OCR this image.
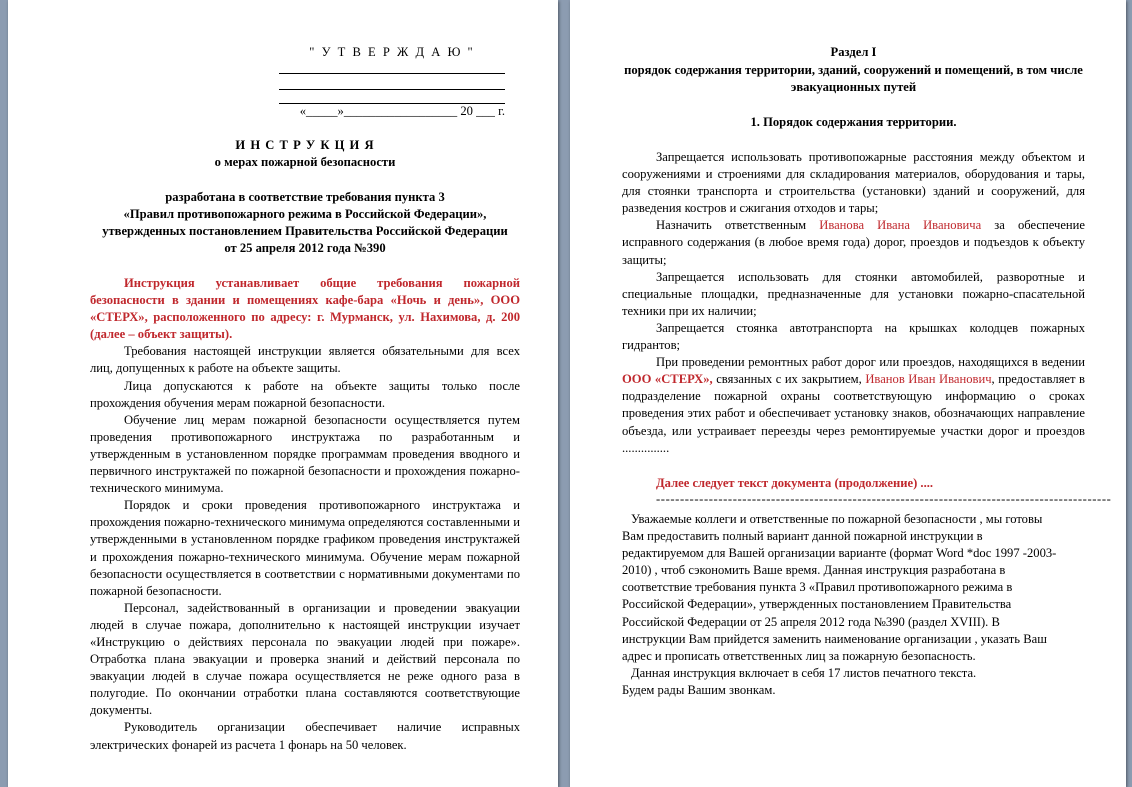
" У Т В Е Р Ж Д А Ю "
«_____»__________________ 20 ___ г.
И Н С Т Р У К Ц И Я
о мерах пожарной безопасности
разработана в соответствие требования пункта 3
«Правил противопожарного режима в Российской Федерации»,
утвержденных постановлением Правительства Российской Федерации
от 25 апреля 2012 года №390

Инструкция устанавливает общие требования пожарной безопасности в здании и помещениях кафе-бара «Ночь и день», ООО «СТЕРХ», расположенного по адресу: г. Мурманск, ул. Нахимова, д. 200 (далее – объект защиты).

Требования настоящей инструкции является обязательными для всех лиц, допущенных к работе на объекте защиты.

Лица допускаются к работе на объекте защиты только после прохождения обучения мерам пожарной безопасности.

Обучение лиц мерам пожарной безопасности осуществляется путем проведения противопожарного инструктажа по разработанным и утвержденным в установленном порядке программам проведения вводного и первичного инструктажей по пожарной безопасности и прохождения пожарно-технического минимума.

Порядок и сроки проведения противопожарного инструктажа и прохождения пожарно-технического минимума определяются составленными и утвержденными в установленном порядке графиком проведения инструктажей и прохождения пожарно-технического минимума. Обучение мерам пожарной безопасности осуществляется в соответствии с нормативными документами по пожарной безопасности.

Персонал, задействованный в организации и проведении эвакуации людей в случае пожара, дополнительно к настоящей инструкции изучает «Инструкцию о действиях персонала по эвакуации людей при пожаре». Отработка плана эвакуации и проверка знаний и действий персонала по эвакуации людей в случае пожара осуществляется не реже одного раза в полугодие. По окончании отработки плана составляются соответствующие документы.

Руководитель организации обеспечивает наличие исправных электрических фонарей из расчета 1 фонарь на 50 человек.

Раздел I
порядок содержания территории, зданий, сооружений и помещений, в том числе эвакуационных путей
1. Порядок содержания территории.

Запрещается использовать противопожарные расстояния между объектом и сооружениями и строениями для складирования материалов, оборудования и тары, для стоянки транспорта и строительства (установки) зданий и сооружений, для разведения костров и сжигания отходов и тары;

Назначить ответственным Иванова Ивана Ивановича за обеспечение исправного содержания (в любое время года) дорог, проездов и подъездов к объекту защиты;

Запрещается использовать для стоянки автомобилей, разворотные и специальные площадки, предназначенные для установки пожарно-спасательной техники при их наличии;

Запрещается стоянка автотранспорта на крышках колодцев пожарных гидрантов;

При проведении ремонтных работ дорог или проездов, находящихся в ведении ООО «СТЕРХ», связанных с их закрытием, Иванов Иван Иванович, предоставляет в подразделение пожарной охраны соответствующую информацию о сроках проведения этих работ и обеспечивает установку знаков, обозначающих направление объезда, или устраивает переезды через ремонтируемые участки дорог и проездов ...............

Далее следует текст документа (продолжение) ....
-----------------------------------------------------------------------------------------------
Уважаемые коллеги и ответственные по пожарной безопасности , мы готовы
Вам предоставить полный вариант данной пожарной инструкции в
редактируемом для Вашей организации варианте (формат Word *doc 1997 -2003-
2010) , чтоб сэкономить Ваше время. Данная инструкция разработана в
соответствие требования пункта 3 «Правил противопожарного режима в
Российской Федерации», утвержденных постановлением Правительства
Российской Федерации от 25 апреля 2012 года №390 (раздел XVIII). В
инструкции Вам прийдется заменить наименование организации , указать Ваш
адрес и прописать ответственных лиц за пожарную безопасность.
Данная инструкция включает в себя 17 листов печатного текста.
Будем рады Вашим звонкам.
